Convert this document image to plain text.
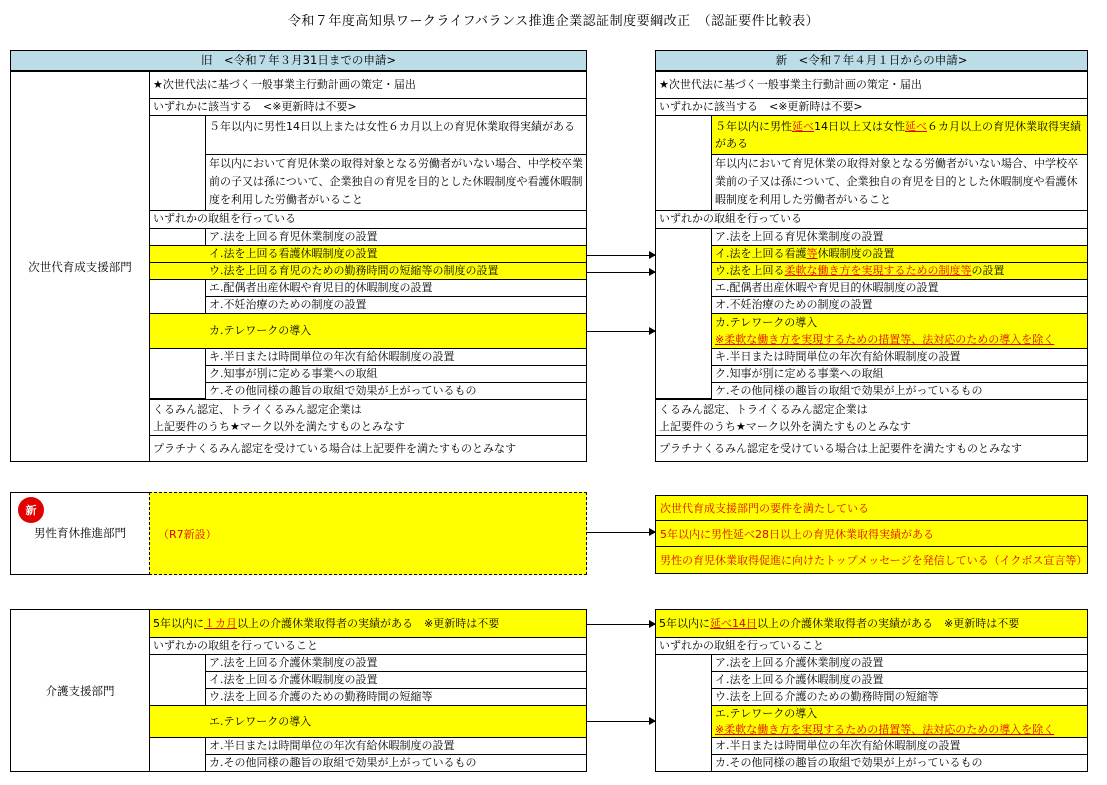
令和７年度高知県ワークライフバランス推進企業認証制度要綱改正　（認証要件比較表）
旧　<令和７年３月31日までの申請>	新　<令和７年４月１日からの申請>
次世代育成支援部門
★次世代法に基づく一般事業主行動計画の策定・届出
いずれかに該当する　<※更新時は不要>
５年以内に男性14日以上または女性６カ月以上の育児休業取得実績がある
年以内において育児休業の取得対象となる労働者がいない場合、中学校卒業前の子又は孫について、企業独自の育児を目的とした休暇制度や看護休暇制度を利用した労働者がいること
いずれかの取組を行っている
ア.法を上回る育児休業制度の設置
イ.法を上回る看護休暇制度の設置
ウ.法を上回る育児のための勤務時間の短縮等の制度の設置
エ.配偶者出産休暇や育児目的休暇制度の設置
オ.不妊治療のための制度の設置
カ.テレワークの導入
キ.半日または時間単位の年次有給休暇制度の設置
ク.知事が別に定める事業への取組
ケ.その他同様の趣旨の取組で効果が上がっているもの
くるみん認定、トライくるみん認定企業は
上記要件のうち★マーク以外を満たすものとみなす
プラチナくるみん認定を受けている場合は上記要件を満たすものとみなす
★次世代法に基づく一般事業主行動計画の策定・届出
いずれかに該当する　<※更新時は不要>
５年以内に男性延べ14日以上又は女性延べ６カ月以上の育児休業取得実績がある
年以内において育児休業の取得対象となる労働者がいない場合、中学校卒業前の子又は孫について、企業独自の育児を目的とした休暇制度や看護休暇制度を利用した労働者がいること
いずれかの取組を行っている
ア.法を上回る育児休業制度の設置
イ.法を上回る看護等休暇制度の設置
ウ.法を上回る柔軟な働き方を実現するための制度等の設置
エ.配偶者出産休暇や育児目的休暇制度の設置
オ.不妊治療のための制度の設置
カ.テレワークの導入
※柔軟な働き方を実現するための措置等、法対応のための導入を除く
キ.半日または時間単位の年次有給休暇制度の設置
ク.知事が別に定める事業への取組
ケ.その他同様の趣旨の取組で効果が上がっているもの
くるみん認定、トライくるみん認定企業は
上記要件のうち★マーク以外を満たすものとみなす
プラチナくるみん認定を受けている場合は上記要件を満たすものとみなす
新
男性育休推進部門	（R7新設）
次世代育成支援部門の要件を満たしている
5年以内に男性延べ28日以上の育児休業取得実績がある
男性の育児休業取得促進に向けたトップメッセージを発信している（イクボス宣言等）
介護支援部門
5年以内に １カ月 以上の介護休業取得者の実績がある　※更新時は不要
いずれかの取組を行っていること
ア.法を上回る介護休業制度の設置
イ.法を上回る介護休暇制度の設置
ウ.法を上回る介護のための勤務時間の短縮等
エ.テレワークの導入
オ.半日または時間単位の年次有給休暇制度の設置
カ.その他同様の趣旨の取組で効果が上がっているもの
5年以内に 延べ14日 以上の介護休業取得者の実績がある　※更新時は不要
いずれかの取組を行っていること
ア.法を上回る介護休業制度の設置
イ.法を上回る介護休暇制度の設置
ウ.法を上回る介護のための勤務時間の短縮等
エ.テレワークの導入
※柔軟な働き方を実現するための措置等、法対応のための導入を除く
オ.半日または時間単位の年次有給休暇制度の設置
カ.その他同様の趣旨の取組で効果が上がっているもの
